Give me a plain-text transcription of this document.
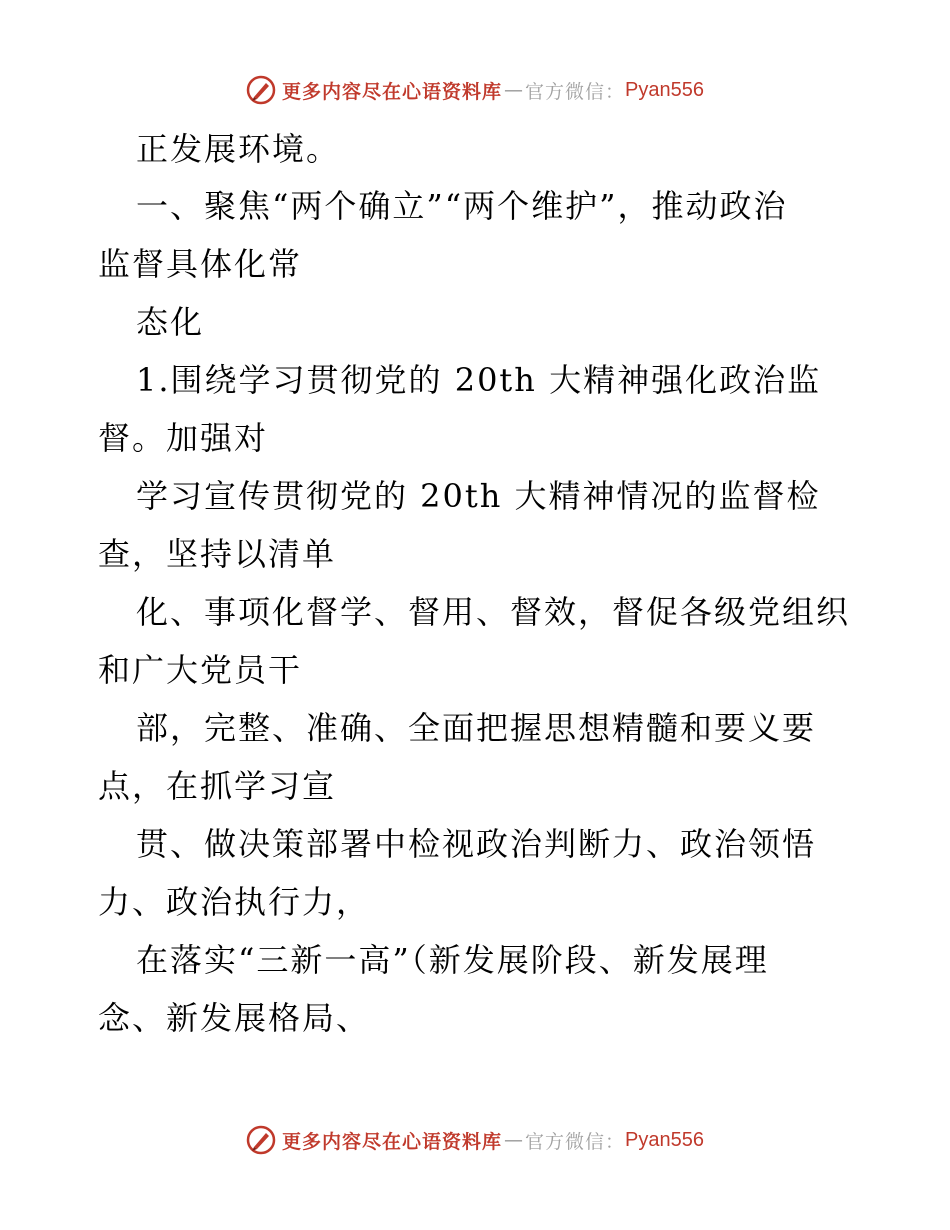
更多内容尽在心语资料库 — 官方微信： Pyan556
正发展环境。
一、聚焦“两个确立”“两个维护”，推动政治
监督具体化常
态化
1.围绕学习贯彻党的 20th 大精神强化政治监
督。加强对
学习宣传贯彻党的 20th 大精神情况的监督检
查，坚持以清单
化、事项化督学、督用、督效，督促各级党组织
和广大党员干
部，完整、准确、全面把握思想精髓和要义要
点，在抓学习宣
贯、做决策部署中检视政治判断力、政治领悟
力、政治执行力，
在落实“三新一高”（新发展阶段、新发展理
念、新发展格局、
更多内容尽在心语资料库 — 官方微信： Pyan556
